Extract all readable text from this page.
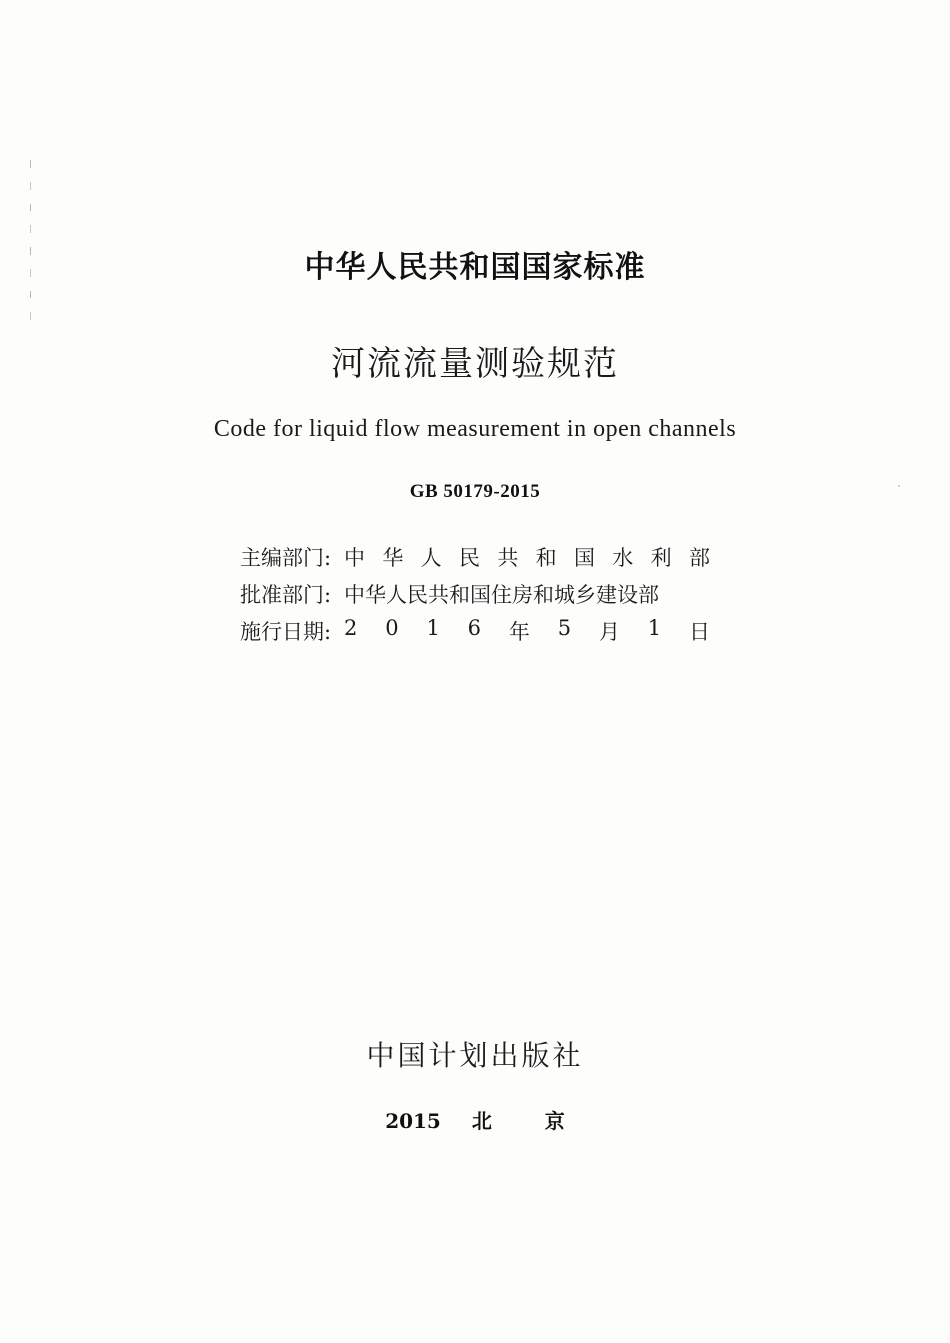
中华人民共和国国家标准
河流流量测验规范
Code for liquid flow measurement in open channels
GB 50179-2015
主编部门: 中 华 人 民 共 和 国 水 利 部
批准部门: 中华人民共和国住房和城乡建设部
施行日期: 2 0 1 6 年 5 月 1 日
中国计划出版社
2015 北	京
